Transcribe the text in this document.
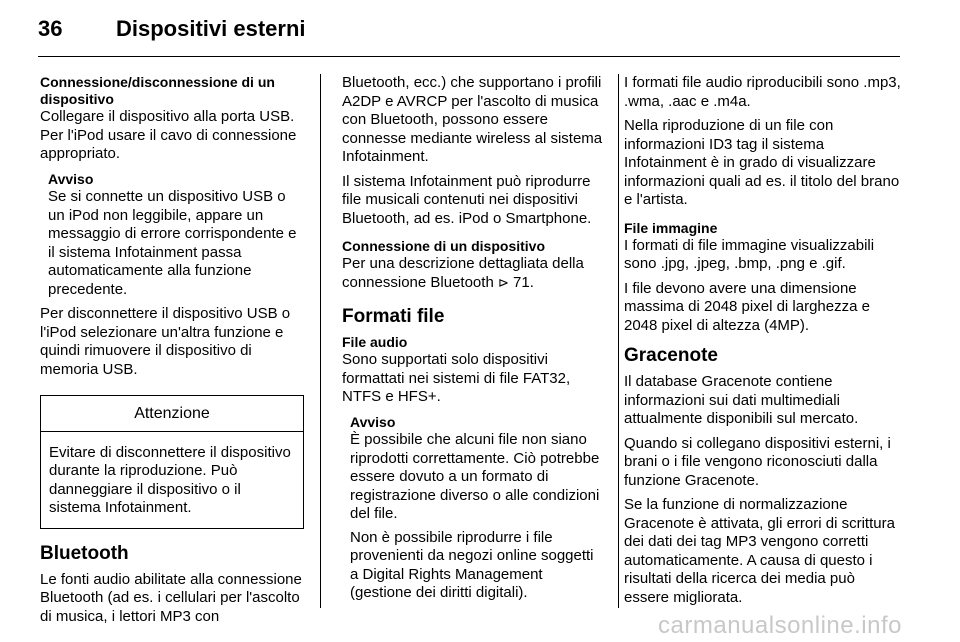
36 Dispositivi esterni
Connessione/disconnessione di un dispositivo

Collegare il dispositivo alla porta USB. Per l'iPod usare il cavo di connessione appropriato.

Avviso

Se si connette un dispositivo USB o un iPod non leggibile, appare un messaggio di errore corrispondente e il sistema Infotainment passa automaticamente alla funzione precedente.

Per disconnettere il dispositivo USB o l'iPod selezionare un'altra funzione e quindi rimuovere il dispositivo di memoria USB.

Attenzione
Evitare di disconnettere il dispositivo durante la riproduzione. Può danneggiare il dispositivo o il sistema Infotainment.
Bluetooth

Le fonti audio abilitate alla connessione Bluetooth (ad es. i cellulari per l'ascolto di musica, i lettori MP3 con

Bluetooth, ecc.) che supportano i profili A2DP e AVRCP per l'ascolto di musica con Bluetooth, possono essere connesse mediante wireless al sistema Infotainment.

Il sistema Infotainment può riprodurre file musicali contenuti nei dispositivi Bluetooth, ad es. iPod o Smartphone.

Connessione di un dispositivo

Per una descrizione dettagliata della connessione Bluetooth ⊳ 71.

Formati file
File audio

Sono supportati solo dispositivi formattati nei sistemi di file FAT32, NTFS e HFS+.

Avviso

È possibile che alcuni file non siano riprodotti correttamente. Ciò potrebbe essere dovuto a un formato di registrazione diverso o alle condizioni del file.

Non è possibile riprodurre i file provenienti da negozi online soggetti a Digital Rights Management (gestione dei diritti digitali).

I formati file audio riproducibili sono .mp3, .wma, .aac e .m4a.

Nella riproduzione di un file con informazioni ID3 tag il sistema Infotainment è in grado di visualizzare informazioni quali ad es. il titolo del brano e l'artista.

File immagine

I formati di file immagine visualizzabili sono .jpg, .jpeg, .bmp, .png e .gif.

I file devono avere una dimensione massima di 2048 pixel di larghezza e 2048 pixel di altezza (4MP).

Gracenote

Il database Gracenote contiene informazioni sui dati multimediali attualmente disponibili sul mercato.

Quando si collegano dispositivi esterni, i brani o i file vengono riconosciuti dalla funzione Gracenote.

Se la funzione di normalizzazione Gracenote è attivata, gli errori di scrittura dei dati dei tag MP3 vengono corretti automaticamente. A causa di questo i risultati della ricerca dei media può essere migliorata.

carmanualsonline.info
